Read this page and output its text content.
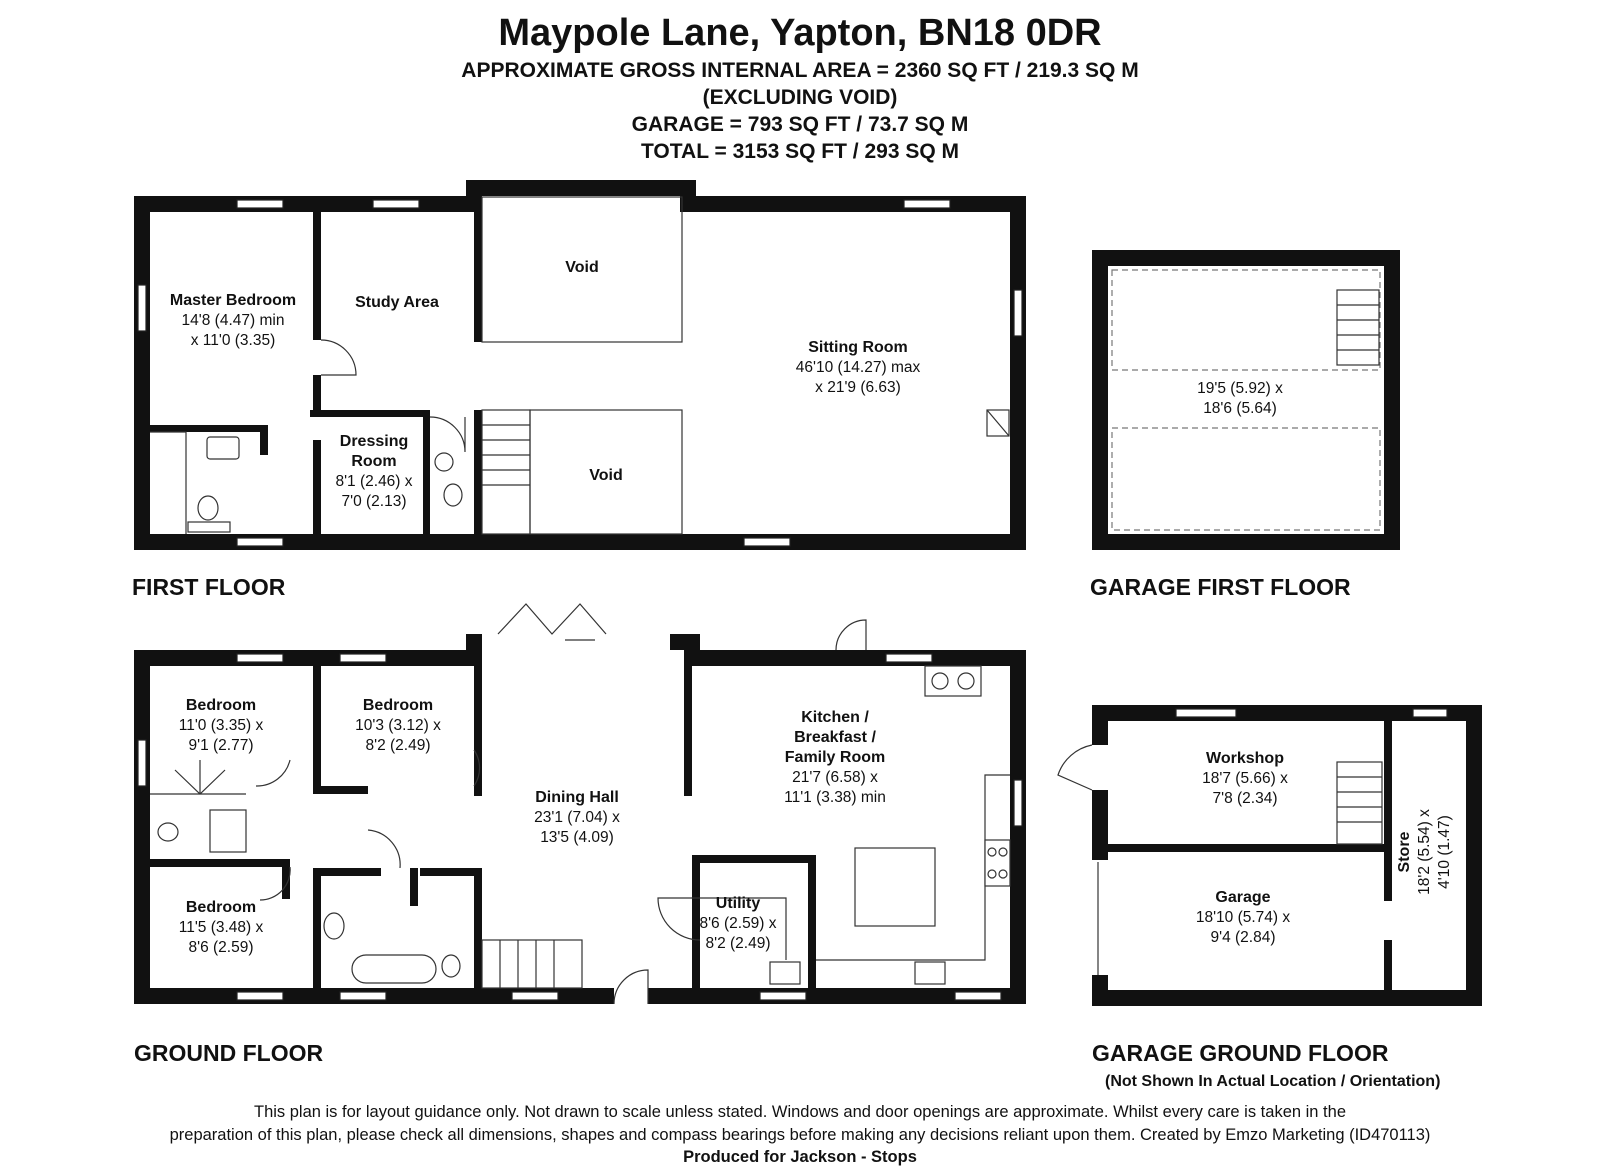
Maypole Lane, Yapton, BN18 0DR
APPROXIMATE GROSS INTERNAL AREA = 2360 SQ FT / 219.3 SQ M
(EXCLUDING VOID)
GARAGE = 793 SQ FT / 73.7 SQ M
TOTAL = 3153 SQ FT / 293 SQ M
FIRST FLOOR	GARAGE FIRST FLOOR
GROUND FLOOR	GARAGE GROUND FLOOR
(Not Shown In Actual Location / Orientation)
Master Bedroom
14'8 (4.47) min
x 11'0 (3.35)
Study Area
Void
Void
Sitting Room
46'10 (14.27) max
x 21'9 (6.63)
Dressing
Room
8'1 (2.46) x
7'0 (2.13)
19'5 (5.92) x
18'6 (5.64)
Bedroom
11'0 (3.35) x
9'1 (2.77)
Bedroom
10'3 (3.12) x
8'2 (2.49)
Bedroom
11'5 (3.48) x
8'6 (2.59)
Dining Hall
23'1 (7.04) x
13'5 (4.09)
Kitchen /
Breakfast /
Family Room
21'7 (6.58) x
11'1 (3.38) min
Utility
8'6 (2.59) x
8'2 (2.49)
Workshop
18'7 (5.66) x
7'8 (2.34)
Garage
18'10 (5.74) x
9'4 (2.84)
Store 18'2 (5.54) x 4'10 (1.47)
This plan is for layout guidance only. Not drawn to scale unless stated. Windows and door openings are approximate. Whilst every care is taken in the
preparation of this plan, please check all dimensions, shapes and compass bearings before making any decisions reliant upon them. Created by Emzo Marketing (ID470113)
Produced for Jackson - Stops
